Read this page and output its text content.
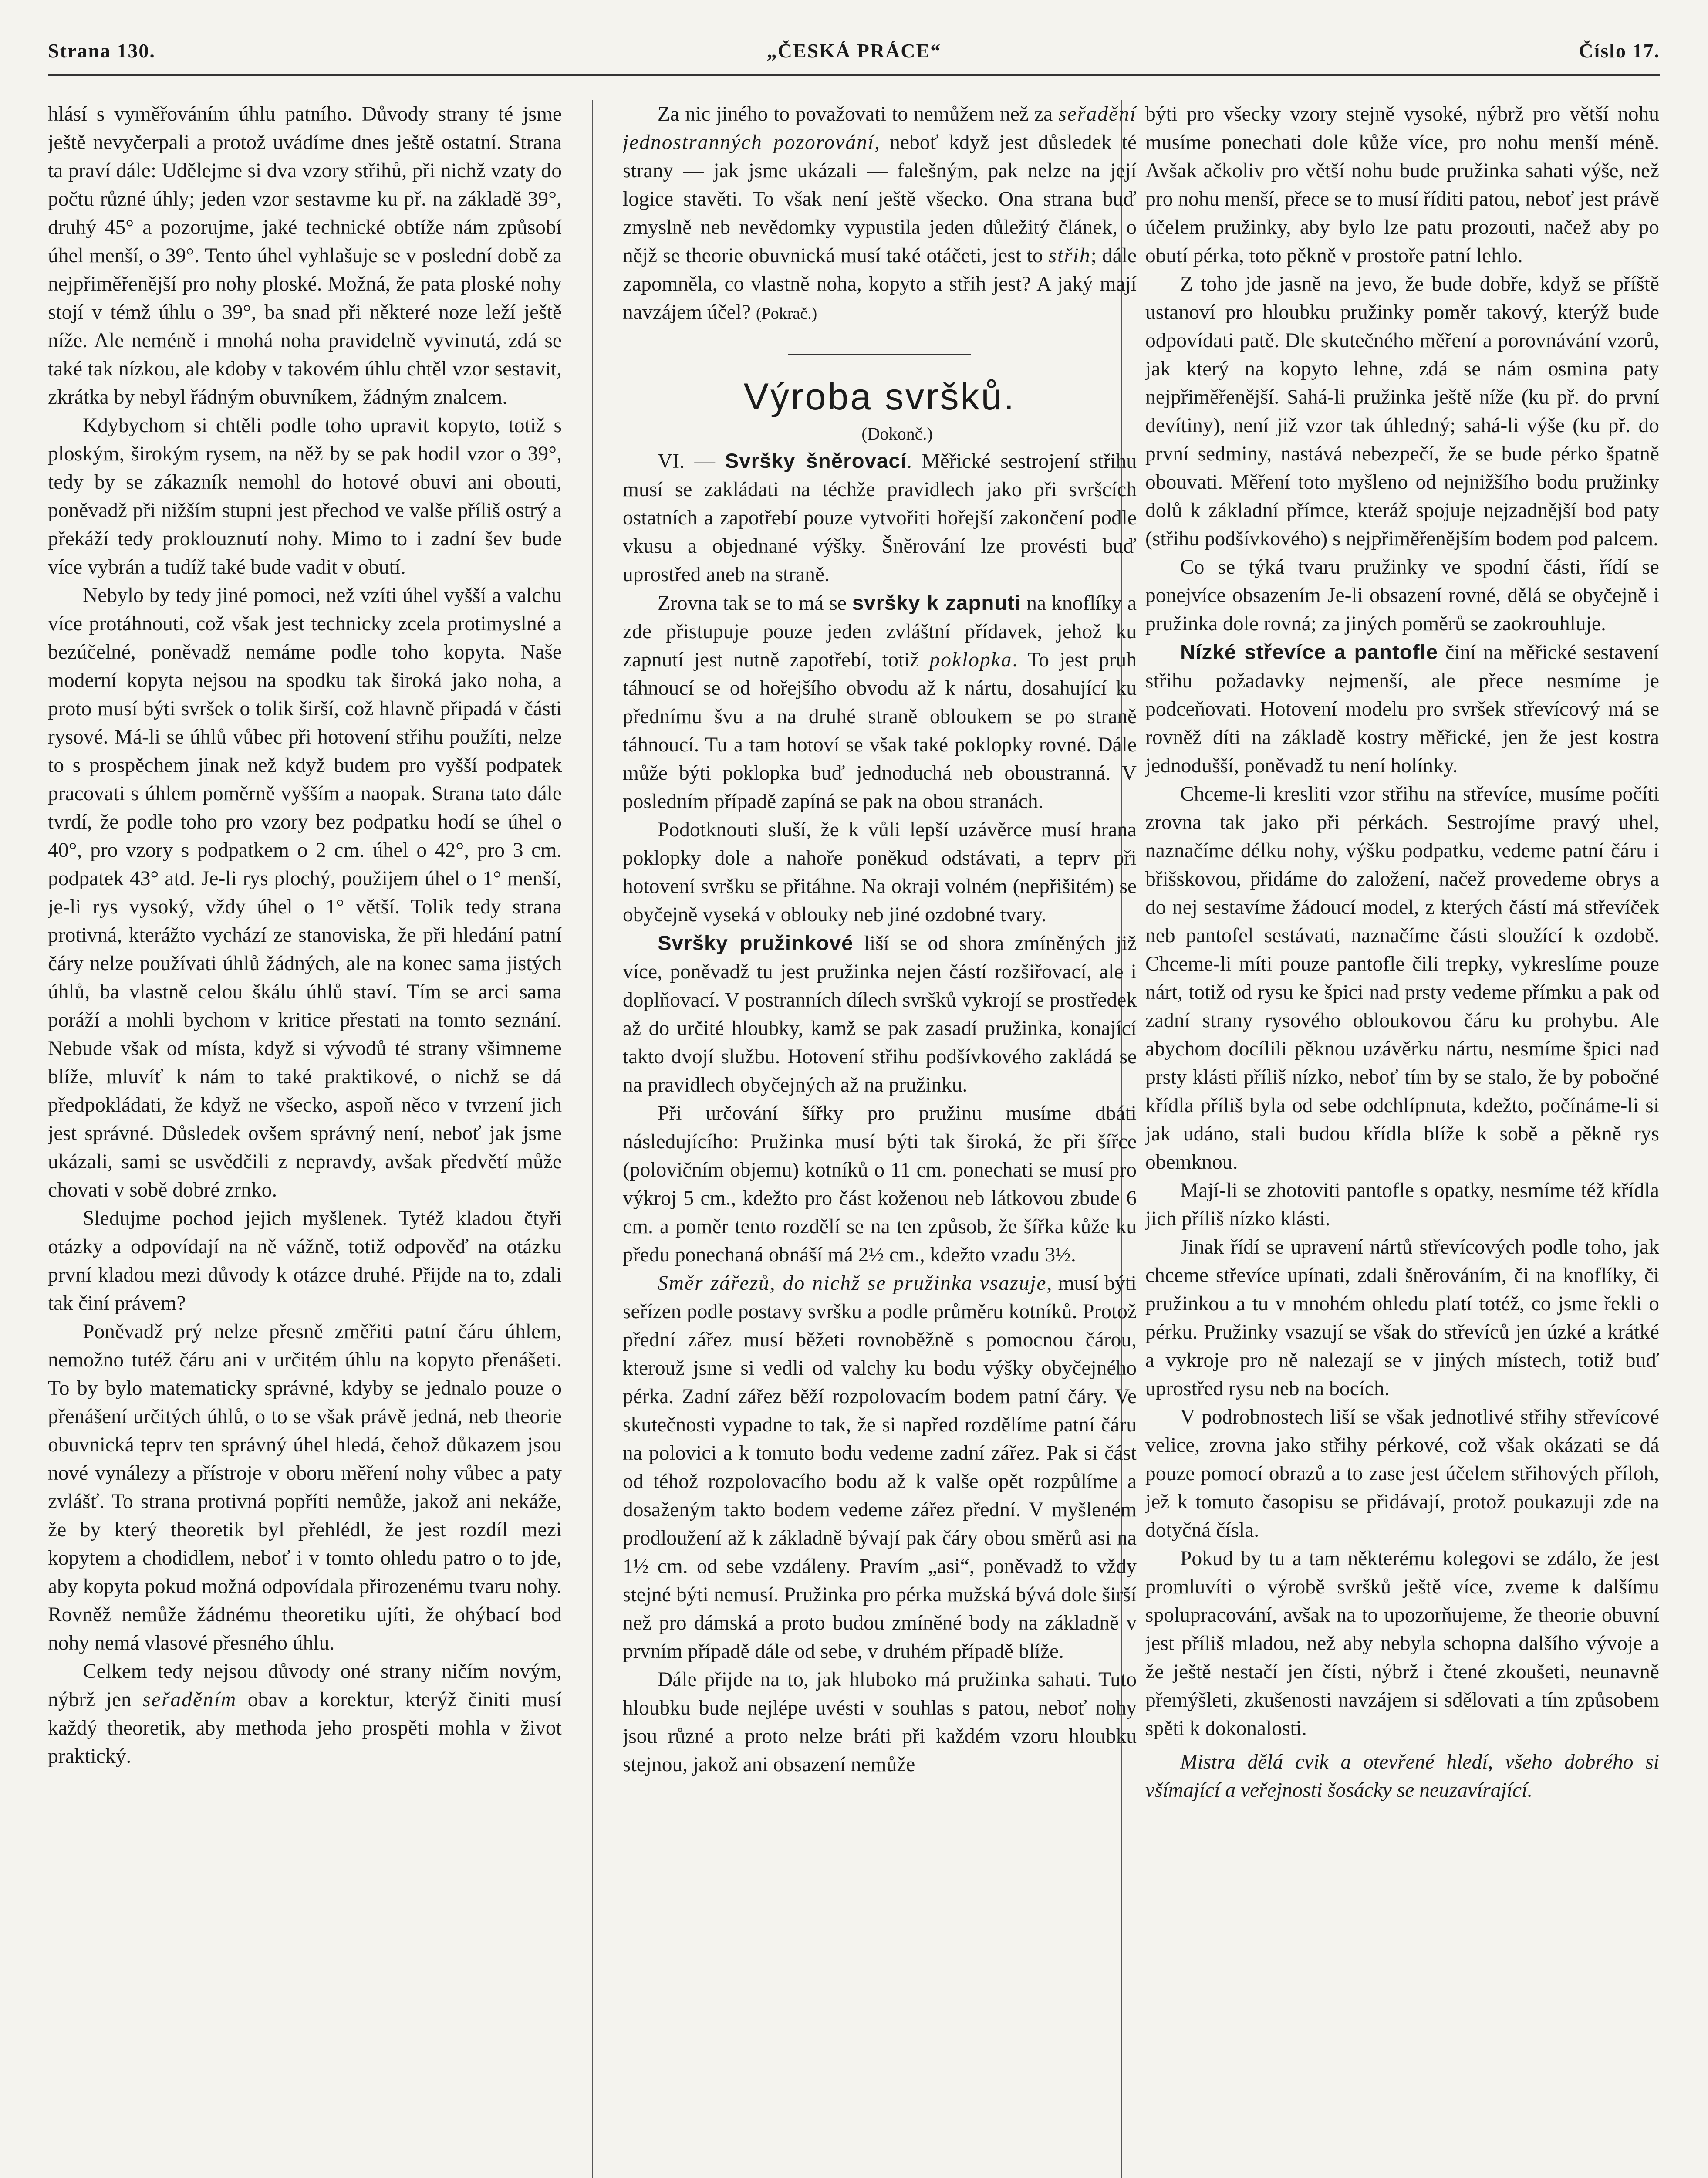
Strana 130.	„ČESKÁ PRÁCE“	Číslo 17.

hlásí s vyměřováním úhlu patního. Důvody strany té jsme ještě nevyčerpali a protož uvádíme dnes ještě ostatní. Strana ta praví dále: Udělejme si dva vzory střihů, při nichž vzaty do počtu různé úhly; jeden vzor sestavme ku př. na základě 39°, druhý 45° a pozorujme, jaké technické obtíže nám způsobí úhel menší, o 39°. Tento úhel vyhlašuje se v poslední době za nejpřiměřenější pro nohy ploské. Možná, že pata ploské nohy stojí v témž úhlu o 39°, ba snad při některé noze leží ještě níže. Ale neméně i mnohá noha pravidelně vyvinutá, zdá se také tak nízkou, ale kdoby v takovém úhlu chtěl vzor sestavit, zkrátka by nebyl řádným obuvníkem, žádným znalcem.

Kdybychom si chtěli podle toho upravit kopyto, totiž s ploským, širokým rysem, na něž by se pak hodil vzor o 39°, tedy by se zákazník nemohl do hotové obuvi ani obouti, poněvadž při nižším stupni jest přechod ve valše příliš ostrý a překáží tedy proklouznutí nohy. Mimo to i zadní šev bude více vybrán a tudíž také bude vadit v obutí.

Nebylo by tedy jiné pomoci, než vzíti úhel vyšší a valchu více protáhnouti, což však jest technicky zcela protimyslné a bezúčelné, poněvadž nemáme podle toho kopyta. Naše moderní kopyta nejsou na spodku tak široká jako noha, a proto musí býti svršek o tolik širší, což hlavně připadá v části rysové. Má-li se úhlů vůbec při hotovení střihu použíti, nelze to s prospěchem jinak než když budem pro vyšší podpatek pracovati s úhlem poměrně vyšším a naopak. Strana tato dále tvrdí, že podle toho pro vzory bez podpatku hodí se úhel o 40°, pro vzory s podpatkem o 2 cm. úhel o 42°, pro 3 cm. podpatek 43° atd. Je-li rys plochý, použijem úhel o 1° menší, je-li rys vysoký, vždy úhel o 1° větší. Tolik tedy strana protivná, kterážto vychází ze stanoviska, že při hledání patní čáry nelze používati úhlů žádných, ale na konec sama jistých úhlů, ba vlastně celou škálu úhlů staví. Tím se arci sama poráží a mohli bychom v kritice přestati na tomto seznání. Nebude však od místa, když si vývodů té strany všimneme blíže, mluvíť k nám to také praktikové, o nichž se dá předpokládati, že když ne všecko, aspoň něco v tvrzení jich jest správné. Důsledek ovšem správný není, neboť jak jsme ukázali, sami se usvědčili z nepravdy, avšak předvětí může chovati v sobě dobré zrnko.

Sledujme pochod jejich myšlenek. Tytéž kladou čtyři otázky a odpovídají na ně vážně, totiž odpověď na otázku první kladou mezi důvody k otázce druhé. Přijde na to, zdali tak činí právem?

Poněvadž prý nelze přesně změřiti patní čáru úhlem, nemožno tutéž čáru ani v určitém úhlu na kopyto přenášeti. To by bylo matematicky správné, kdyby se jednalo pouze o přenášení určitých úhlů, o to se však právě jedná, neb theorie obuvnická teprv ten správný úhel hledá, čehož důkazem jsou nové vynálezy a přístroje v oboru měření nohy vůbec a paty zvlášť. To strana protivná popříti nemůže, jakož ani nekáže, že by který theoretik byl přehlédl, že jest rozdíl mezi kopytem a chodidlem, neboť i v tomto ohledu patro o to jde, aby kopyta pokud možná odpovídala přirozenému tvaru nohy. Rovněž nemůže žádnému theoretiku ujíti, že ohýbací bod nohy nemá vlasové přesného úhlu.

Celkem tedy nejsou důvody oné strany ničím novým, nýbrž jen seřaděním obav a korektur, kterýž činiti musí každý theoretik, aby methoda jeho prospěti mohla v život praktický.

Za nic jiného to považovati to nemůžem než za seřadění jednostranných pozorování, neboť když jest důsledek té strany — jak jsme ukázali — falešným, pak nelze na její logice stavěti. To však není ještě všecko. Ona strana buď zmyslně neb nevědomky vypustila jeden důležitý článek, o nějž se theorie obuvnická musí také otáčeti, jest to střih; dále zapomněla, co vlastně noha, kopyto a střih jest? A jaký mají navzájem účel? (Pokrač.)

Výroba svršků.

(Dokonč.)

VI. — Svršky šněrovací. Měřické sestrojení střihu musí se zakládati na téchže pravidlech jako při svršcích ostatních a zapotřebí pouze vytvořiti hořejší zakončení podle vkusu a objednané výšky. Šněrování lze provésti buď uprostřed aneb na straně.

Zrovna tak se to má se svršky k zapnuti na knoflíky a zde přistupuje pouze jeden zvláštní přídavek, jehož ku zapnutí jest nutně zapotřebí, totiž poklopka. To jest pruh táhnoucí se od hořejšího obvodu až k nártu, dosahující ku přednímu švu a na druhé straně obloukem se po straně táhnoucí. Tu a tam hotoví se však také poklopky rovné. Dále může býti poklopka buď jednoduchá neb oboustranná. V posledním případě zapíná se pak na obou stranách.

Podotknouti sluší, že k vůli lepší uzávěrce musí hrana poklopky dole a nahoře poněkud odstávati, a teprv při hotovení svršku se přitáhne. Na okraji volném (nepřišitém) se obyčejně vyseká v oblouky neb jiné ozdobné tvary.

Svršky pružinkové liší se od shora zmíněných již více, poněvadž tu jest pružinka nejen částí rozšiřovací, ale i doplňovací. V postranních dílech svršků vykrojí se prostředek až do určité hloubky, kamž se pak zasadí pružinka, konající takto dvojí službu. Hotovení střihu podšívkového zakládá se na pravidlech obyčejných až na pružinku.

Při určování šířky pro pružinu musíme dbáti následujícího: Pružinka musí býti tak široká, že při šířce (polovičním objemu) kotníků o 11 cm. ponechati se musí pro výkroj 5 cm., kdežto pro část koženou neb látkovou zbude 6 cm. a poměr tento rozdělí se na ten způsob, že šířka kůže ku předu ponechaná obnáší má 2½ cm., kdežto vzadu 3½.

Směr zářezů, do nichž se pružinka vsazuje, musí býti seřízen podle postavy svršku a podle průměru kotníků. Protož přední zářez musí běžeti rovnoběžně s pomocnou čárou, kterouž jsme si vedli od valchy ku bodu výšky obyčejného pérka. Zadní zářez běží rozpolovacím bodem patní čáry. Ve skutečnosti vypadne to tak, že si napřed rozdělíme patní čáru na polovici a k tomuto bodu vedeme zadní zářez. Pak si část od téhož rozpolovacího bodu až k valše opět rozpůlíme a dosaženým takto bodem vedeme zářez přední. V myšleném prodloužení až k základně bývají pak čáry obou směrů asi na 1½ cm. od sebe vzdáleny. Pravím „asi“, poněvadž to vždy stejné býti nemusí. Pružinka pro pérka mužská bývá dole širší než pro dámská a proto budou zmíněné body na základně v prvním případě dále od sebe, v druhém případě blíže.

Dále přijde na to, jak hluboko má pružinka sahati. Tuto hloubku bude nejlépe uvésti v souhlas s patou, neboť nohy jsou různé a proto nelze bráti při každém vzoru hloubku stejnou, jakož ani obsazení nemůže

býti pro všecky vzory stejně vysoké, nýbrž pro větší nohu musíme ponechati dole kůže více, pro nohu menší méně. Avšak ačkoliv pro větší nohu bude pružinka sahati výše, než pro nohu menší, přece se to musí říditi patou, neboť jest právě účelem pružinky, aby bylo lze patu prozouti, načež aby po obutí pérka, toto pěkně v prostoře patní lehlo.

Z toho jde jasně na jevo, že bude dobře, když se příště ustanoví pro hloubku pružinky poměr takový, kterýž bude odpovídati patě. Dle skutečného měření a porovnávání vzorů, jak který na kopyto lehne, zdá se nám osmina paty nejpřiměřenější. Sahá-li pružinka ještě níže (ku př. do první devítiny), není již vzor tak úhledný; sahá-li výše (ku př. do první sedminy, nastává nebezpečí, že se bude pérko špatně obouvati. Měření toto myšleno od nejnižšího bodu pružinky dolů k základní přímce, kteráž spojuje nejzadnější bod paty (střihu podšívkového) s nejpřiměřenějším bodem pod palcem.

Co se týká tvaru pružinky ve spodní části, řídí se ponejvíce obsazením Je-li obsazení rovné, dělá se obyčejně i pružinka dole rovná; za jiných poměrů se zaokrouhluje.

Nízké střevíce a pantofle činí na měřické sestavení střihu požadavky nejmenší, ale přece nesmíme je podceňovati. Hotovení modelu pro svršek střevícový má se rovněž díti na základě kostry měřické, jen že jest kostra jednodušší, poněvadž tu není holínky.

Chceme-li kresliti vzor střihu na střevíce, musíme počíti zrovna tak jako při pérkách. Sestrojíme pravý uhel, naznačíme délku nohy, výšku podpatku, vedeme patní čáru i břišskovou, přidáme do založení, načež provedeme obrys a do nej sestavíme žádoucí model, z kterých částí má střevíček neb pantofel sestávati, naznačíme části sloužící k ozdobě. Chceme-li míti pouze pantofle čili trepky, vykreslíme pouze nárt, totiž od rysu ke špici nad prsty vedeme přímku a pak od zadní strany rysového obloukovou čáru ku prohybu. Ale abychom docílili pěknou uzávěrku nártu, nesmíme špici nad prsty klásti příliš nízko, neboť tím by se stalo, že by pobočné křídla příliš byla od sebe odchlípnuta, kdežto, počínáme-li si jak udáno, stali budou křídla blíže k sobě a pěkně rys obemknou.

Mají-li se zhotoviti pantofle s opatky, nesmíme též křídla jich příliš nízko klásti.

Jinak řídí se upravení nártů střevícových podle toho, jak chceme střevíce upínati, zdali šněrováním, či na knoflíky, či pružinkou a tu v mnohém ohledu platí totéž, co jsme řekli o pérku. Pružinky vsazují se však do střevíců jen úzké a krátké a vykroje pro ně nalezají se v jiných místech, totiž buď uprostřed rysu neb na bocích.

V podrobnostech liší se však jednotlivé střihy střevícové velice, zrovna jako střihy pérkové, což však okázati se dá pouze pomocí obrazů a to zase jest účelem střihových příloh, jež k tomuto časopisu se přidávají, protož poukazuji zde na dotyčná čísla.

Pokud by tu a tam některému kolegovi se zdálo, že jest promluvíti o výrobě svršků ještě více, zveme k dalšímu spolupracování, avšak na to upozorňujeme, že theorie obuvní jest příliš mladou, než aby nebyla schopna dalšího vývoje a že ještě nestačí jen čísti, nýbrž i čtené zkoušeti, neunavně přemýšleti, zkušenosti navzájem si sdělovati a tím způsobem spěti k dokonalosti.

Mistra dělá cvik a otevřené hledí, všeho dobrého si všímající a veřejnosti šosácky se neuzavírající.
